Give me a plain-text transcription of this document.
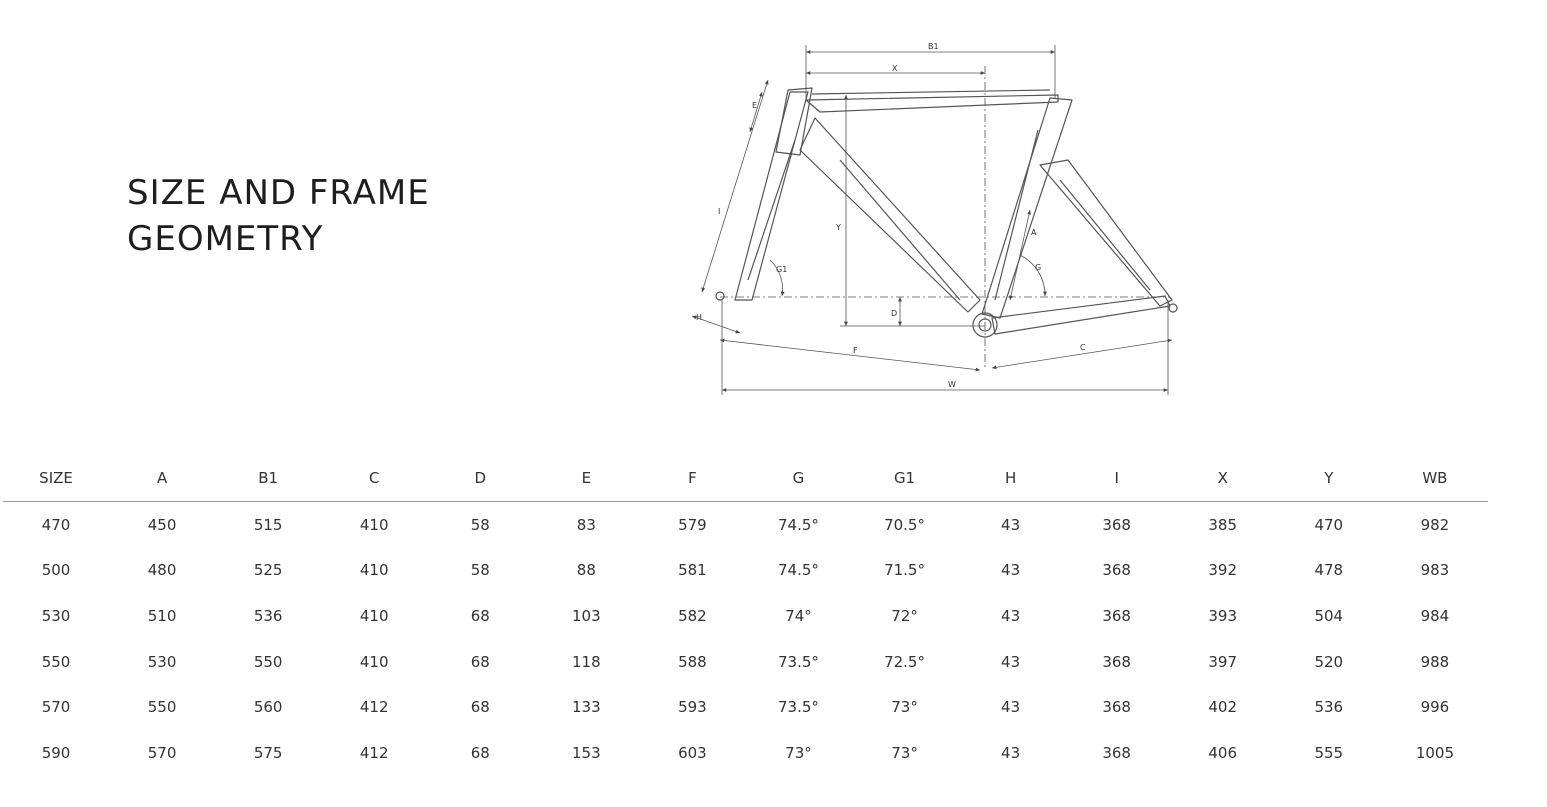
SIZE AND FRAME
GEOMETRY
B1
X
E
I
Y
G1	G
A
D
H
F	C
W
SIZE	A	B1	C	D	E	F	G	G1	H	I	X	Y	WB
470	450	515	410	58	83	579	74.5°	70.5°	43	368	385	470	982
500	480	525	410	58	88	581	74.5°	71.5°	43	368	392	478	983
530	510	536	410	68	103	582	74°	72°	43	368	393	504	984
550	530	550	410	68	118	588	73.5°	72.5°	43	368	397	520	988
570	550	560	412	68	133	593	73.5°	73°	43	368	402	536	996
590	570	575	412	68	153	603	73°	73°	43	368	406	555	1005
